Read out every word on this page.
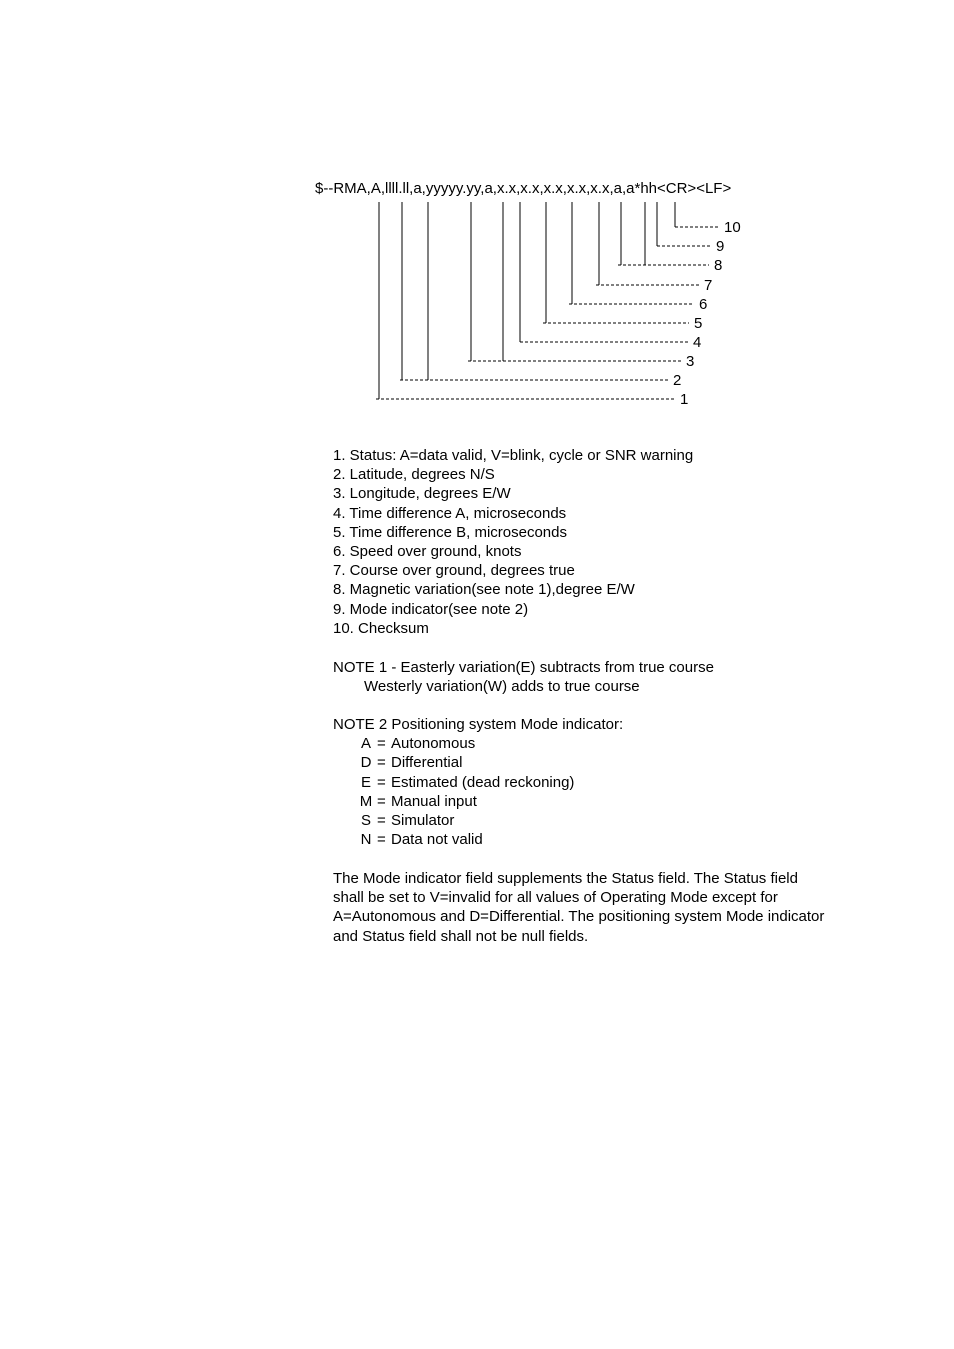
$--RMA,A,llll.ll,a,yyyyy.yy,a,x.x,x.x,x.x,x.x,x.x,a,a*hh<CR><LF>
10
9
8
7
6
5
4
3
2
1
1. Status: A=data valid, V=blink, cycle or SNR warning
2. Latitude, degrees N/S
3. Longitude, degrees E/W
4. Time difference A, microseconds
5. Time difference B, microseconds
6. Speed over ground, knots
7. Course over ground, degrees true
8. Magnetic variation(see note 1),degree E/W
9. Mode indicator(see note 2)
10. Checksum
NOTE 1 - Easterly variation(E) subtracts from true course
Westerly variation(W) adds to true course
NOTE 2 Positioning system Mode indicator:
A = Autonomous
D = Differential
E = Estimated (dead reckoning)
M = Manual input
S = Simulator
N = Data not valid
The Mode indicator field supplements the Status field. The Status field
shall be set to V=invalid for all values of Operating Mode except for
A=Autonomous and D=Differential. The positioning system Mode indicator
and Status field shall not be null fields.
